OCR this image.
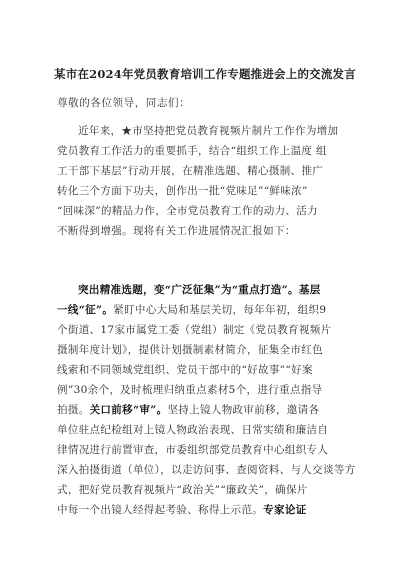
某市在2024年党员教育培训工作专题推进会上的交流发言
尊敬的各位领导，同志们：
近年来，★市坚持把党员教育视频片制片工作作为增加
党员教育工作活力的重要抓手，结合“组织工作上温度 组
工干部下基层”行动开展，在精准选题、精心摄制、推广
转化三个方面下功夫，创作出一批“党味足”“鲜味浓”
“回味深”的精品力作，全市党员教育工作的动力、活力
不断得到增强。现将有关工作进展情况汇报如下：
突出精准选题，变“广泛征集”为“重点打造”。基层
一线“征”。紧盯中心大局和基层关切，每年年初，组织9
个街道、17家市属党工委（党组）制定《党员教育视频片
摄制年度计划》，提供计划摄制素材简介，征集全市红色
线索和不同领域党组织、党员干部中的“好故事”“好案
例”30余个，及时梳理归纳重点素材5个，进行重点指导
拍摄。关口前移“审”。坚持上镜人物政审前移，邀请各
单位驻点纪检组对上镜人物政治表现、日常实绩和廉洁自
律情况进行前置审查，市委组织部党员教育中心组织专人
深入拍摄街道（单位），以走访问事、查阅资料、与人交谈等方
式，把好党员教育视频片“政治关”“廉政关”，确保片
中每一个出镜人经得起考验、称得上示范。专家论证
